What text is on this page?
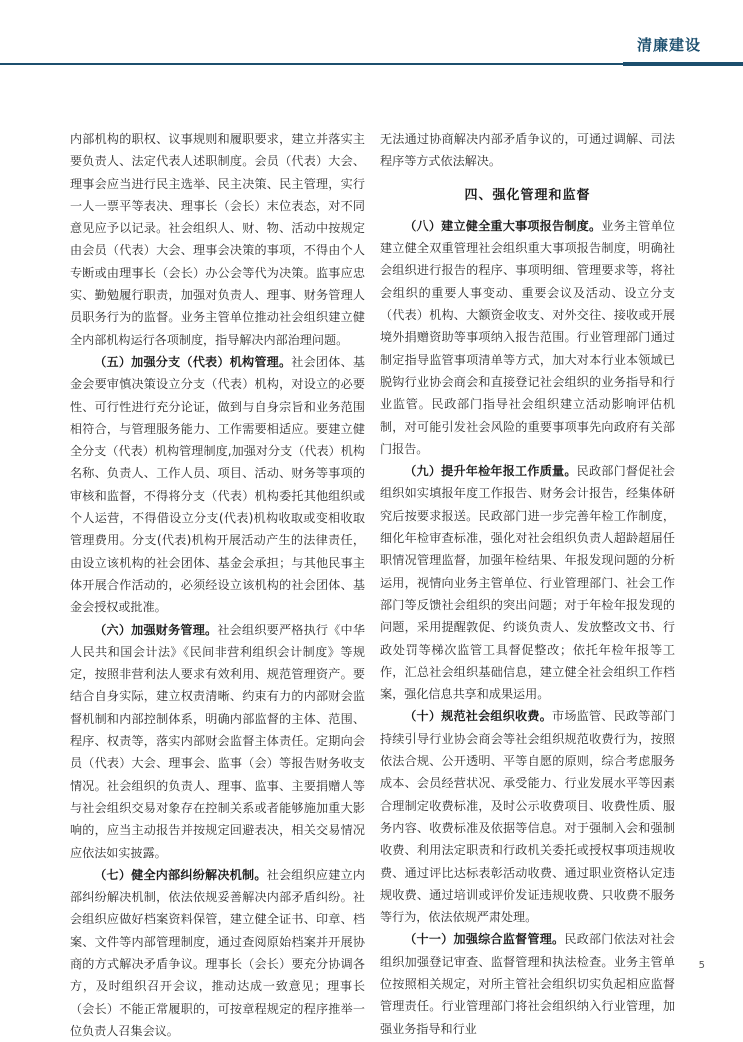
清廉建设

内部机构的职权、议事规则和履职要求，建立并落实主要负责人、法定代表人述职制度。会员（代表）大会、理事会应当进行民主选举、民主决策、民主管理，实行一人一票平等表决、理事长（会长）末位表态，对不同意见应予以记录。社会组织人、财、物、活动中按规定由会员（代表）大会、理事会决策的事项，不得由个人专断或由理事长（会长）办公会等代为决策。监事应忠实、勤勉履行职责，加强对负责人、理事、财务管理人员职务行为的监督。业务主管单位推动社会组织建立健全内部机构运行各项制度，指导解决内部治理问题。

（五）加强分支（代表）机构管理。社会团体、基金会要审慎决策设立分支（代表）机构，对设立的必要性、可行性进行充分论证，做到与自身宗旨和业务范围相符合，与管理服务能力、工作需要相适应。要建立健全分支（代表）机构管理制度,加强对分支（代表）机构名称、负责人、工作人员、项目、活动、财务等事项的审核和监督，不得将分支（代表）机构委托其他组织或个人运营，不得借设立分支(代表)机构收取或变相收取管理费用。分支(代表)机构开展活动产生的法律责任，由设立该机构的社会团体、基金会承担；与其他民事主体开展合作活动的，必须经设立该机构的社会团体、基金会授权或批准。

（六）加强财务管理。社会组织要严格执行《中华人民共和国会计法》《民间非营利组织会计制度》等规定，按照非营利法人要求有效利用、规范管理资产。要结合自身实际，建立权责清晰、约束有力的内部财会监督机制和内部控制体系，明确内部监督的主体、范围、程序、权责等，落实内部财会监督主体责任。定期向会员（代表）大会、理事会、监事（会）等报告财务收支情况。社会组织的负责人、理事、监事、主要捐赠人等与社会组织交易对象存在控制关系或者能够施加重大影响的，应当主动报告并按规定回避表决，相关交易情况应依法如实披露。

（七）健全内部纠纷解决机制。社会组织应建立内部纠纷解决机制，依法依规妥善解决内部矛盾纠纷。社会组织应做好档案资料保管，建立健全证书、印章、档案、文件等内部管理制度，通过查阅原始档案并开展协商的方式解决矛盾争议。理事长（会长）要充分协调各方，及时组织召开会议，推动达成一致意见；理事长（会长）不能正常履职的，可按章程规定的程序推举一位负责人召集会议。

无法通过协商解决内部矛盾争议的，可通过调解、司法程序等方式依法解决。

四、强化管理和监督

（八）建立健全重大事项报告制度。业务主管单位建立健全双重管理社会组织重大事项报告制度，明确社会组织进行报告的程序、事项明细、管理要求等，将社会组织的重要人事变动、重要会议及活动、设立分支（代表）机构、大额资金收支、对外交往、接收或开展境外捐赠资助等事项纳入报告范围。行业管理部门通过制定指导监管事项清单等方式，加大对本行业本领域已脱钩行业协会商会和直接登记社会组织的业务指导和行业监管。民政部门指导社会组织建立活动影响评估机制，对可能引发社会风险的重要事项事先向政府有关部门报告。

（九）提升年检年报工作质量。民政部门督促社会组织如实填报年度工作报告、财务会计报告，经集体研究后按要求报送。民政部门进一步完善年检工作制度，细化年检审查标准，强化对社会组织负责人超龄超届任职情况管理监督，加强年检结果、年报发现问题的分析运用，视情向业务主管单位、行业管理部门、社会工作部门等反馈社会组织的突出问题；对于年检年报发现的问题，采用提醒敦促、约谈负责人、发放整改文书、行政处罚等梯次监管工具督促整改；依托年检年报等工作，汇总社会组织基础信息，建立健全社会组织工作档案，强化信息共享和成果运用。

（十）规范社会组织收费。市场监管、民政等部门持续引导行业协会商会等社会组织规范收费行为，按照依法合规、公开透明、平等自愿的原则，综合考虑服务成本、会员经营状况、承受能力、行业发展水平等因素合理制定收费标准，及时公示收费项目、收费性质、服务内容、收费标准及依据等信息。对于强制入会和强制收费、利用法定职责和行政机关委托或授权事项违规收费、通过评比达标表彰活动收费、通过职业资格认定违规收费、通过培训或评价发证违规收费、只收费不服务等行为，依法依规严肃处理。

（十一）加强综合监督管理。民政部门依法对社会组织加强登记审查、监督管理和执法检查。业务主管单位按照相关规定，对所主管社会组织切实负起相应监督管理责任。行业管理部门将社会组织纳入行业管理，加强业务指导和行业

5
